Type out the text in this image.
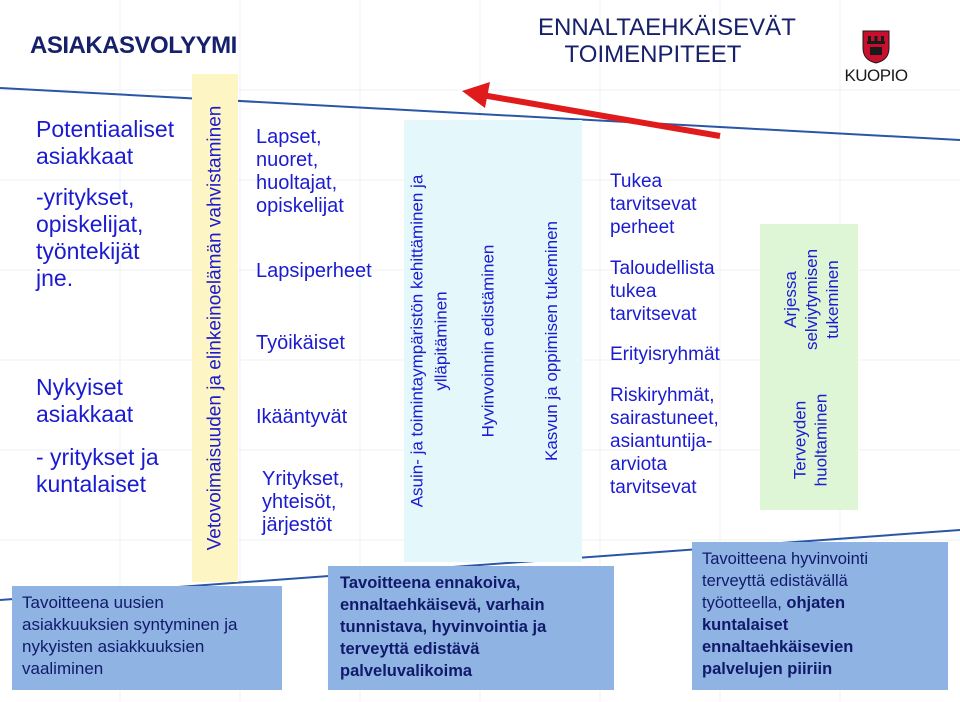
ASIAKASVOLYYMI
ENNALTAEHKÄISEVÄT
TOIMENPITEET
KUOPIO
Potentiaaliset
asiakkaat
-yritykset,
opiskelijat,
työntekijät
jne.
Nykyiset
asiakkaat
- yritykset ja
kuntalaiset	Vetovoimaisuuden ja elinkeinoelämän vahvistaminen Lapset,
nuoret,
huoltajat,
opiskelijat
Lapsiperheet
Työikäiset
Ikääntyvät
Yritykset,
yhteisöt,
järjestöt
Asuin- ja toimintaympäristön kehittäminen ja ylläpitäminen Hyvinvoinnin edistäminen	Kasvun ja oppimisen tukeminen
Tukea
tarvitsevat
perheet
Taloudellista
tukea
tarvitsevat
Erityisryhmät
Riskiryhmät,
sairastuneet,
asiantuntija-
arviota
tarvitsevat
Arjessa selviytymisen tukeminen
Terveyden huoltaminen
Tavoitteena uusien
asiakkuuksien syntyminen ja
nykyisten asiakkuuksien
vaaliminen
Tavoitteena ennakoiva,
ennaltaehkäisevä, varhain
tunnistava, hyvinvointia ja
terveyttä edistävä
palveluvalikoima
Tavoitteena hyvinvointi
terveyttä edistävällä
työotteella, ohjaten
kuntalaiset
ennaltaehkäisevien
palvelujen piiriin
